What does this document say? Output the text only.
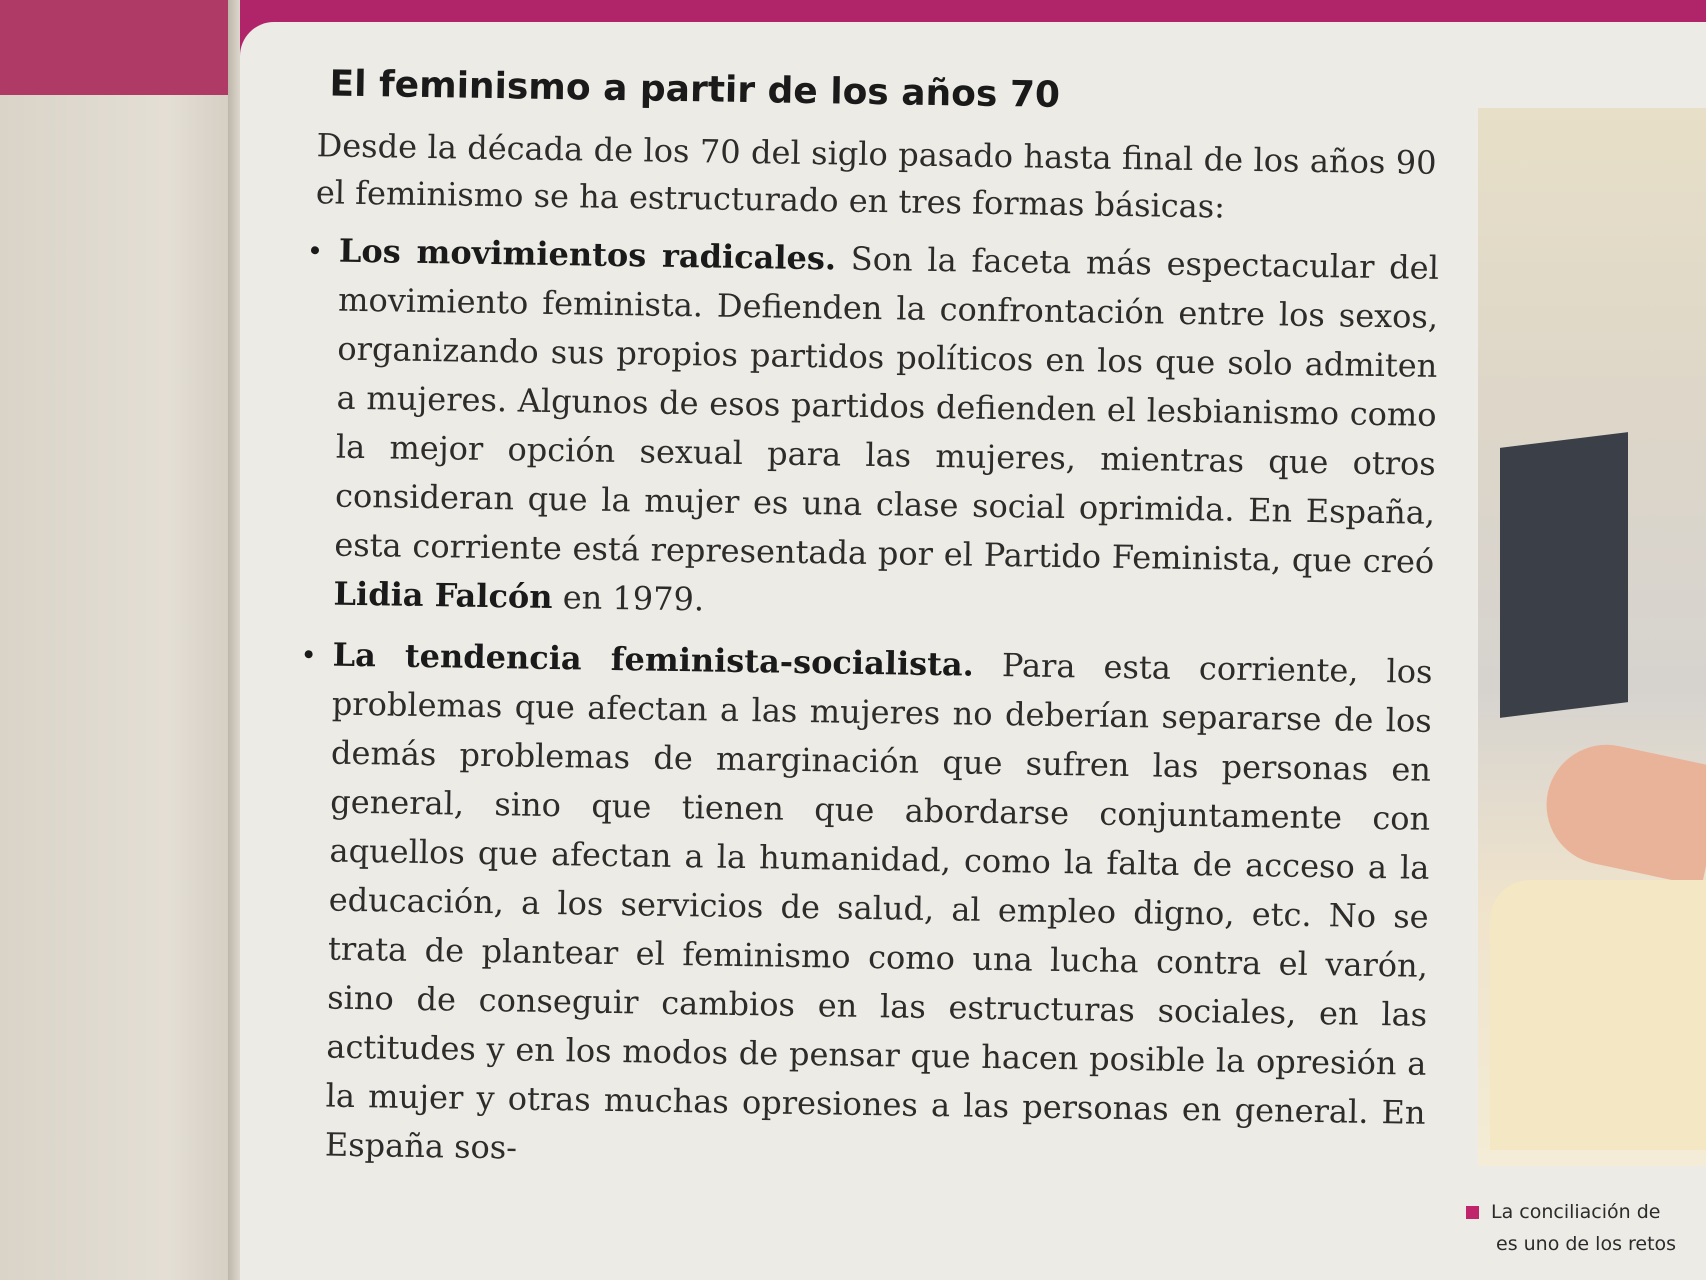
La conciliación de
es uno de los retos
El feminismo a partir de los años 70

Desde la década de los 70 del siglo pasado hasta final de los años 90 el feminismo se ha estructurado en tres formas básicas:

Los movimientos radicales. Son la faceta más espectacular del movimiento feminista. Defienden la confrontación entre los sexos, organizando sus propios partidos políticos en los que solo admiten a mujeres. Algunos de esos partidos defienden el lesbianismo como la mejor opción sexual para las mujeres, mientras que otros consideran que la mujer es una clase social oprimida. En España, esta corriente está representada por el Partido Feminista, que creó Lidia Falcón en 1979.
La tendencia feminista-socialista. Para esta corriente, los problemas que afectan a las mujeres no deberían separarse de los demás problemas de marginación que sufren las personas en general, sino que tienen que abordarse conjuntamente con aquellos que afectan a la humanidad, como la falta de acceso a la educación, a los servicios de salud, al empleo digno, etc. No se trata de plantear el feminismo como una lucha contra el varón, sino de conseguir cambios en las estructuras sociales, en las actitudes y en los modos de pensar que hacen posible la opresión a la mujer y otras muchas opresiones a las personas en general. En España sos-
